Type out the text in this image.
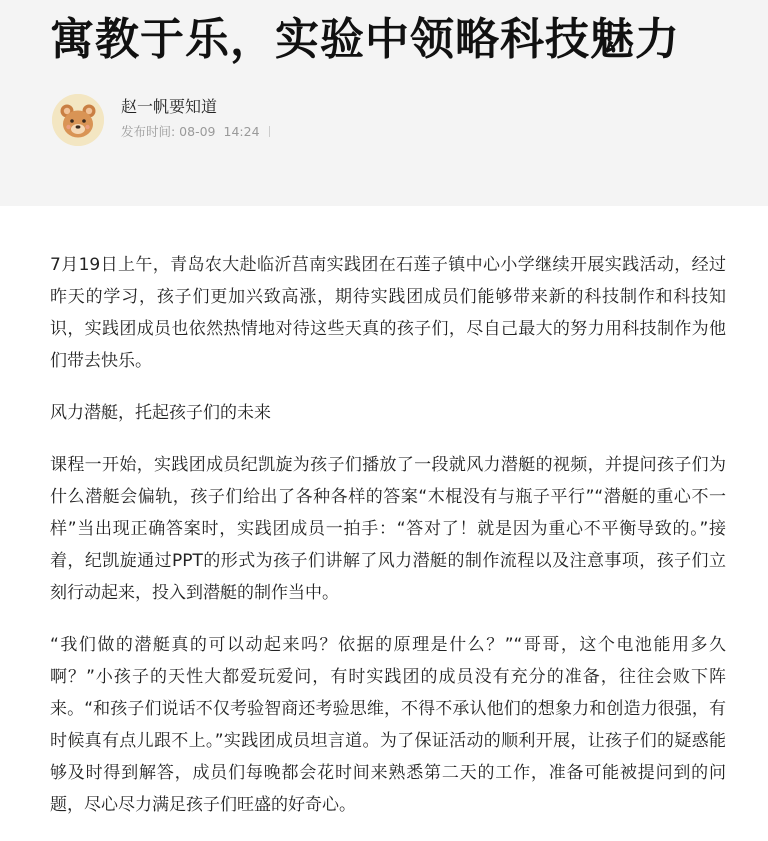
寓教于乐，实验中领略科技魅力
赵一帆要知道
发布时间: 08-09 14:24

7月19日上午，青岛农大赴临沂莒南实践团在石莲子镇中心小学继续开展实践活动，经过昨天的学习，孩子们更加兴致高涨，期待实践团成员们能够带来新的科技制作和科技知识，实践团成员也依然热情地对待这些天真的孩子们，尽自己最大的努力用科技制作为他们带去快乐。

风力潜艇，托起孩子们的未来

课程一开始，实践团成员纪凯旋为孩子们播放了一段就风力潜艇的视频，并提问孩子们为什么潜艇会偏轨，孩子们给出了各种各样的答案“木棍没有与瓶子平行”“潜艇的重心不一样”当出现正确答案时，实践团成员一拍手：“答对了！就是因为重心不平衡导致的。”接着，纪凯旋通过PPT的形式为孩子们讲解了风力潜艇的制作流程以及注意事项，孩子们立刻行动起来，投入到潜艇的制作当中。

“我们做的潜艇真的可以动起来吗？依据的原理是什么？”“哥哥，这个电池能用多久啊？”小孩子的天性大都爱玩爱问，有时实践团的成员没有充分的准备，往往会败下阵来。“和孩子们说话不仅考验智商还考验思维，不得不承认他们的想象力和创造力很强，有时候真有点儿跟不上。”实践团成员坦言道。为了保证活动的顺利开展，让孩子们的疑惑能够及时得到解答，成员们每晚都会花时间来熟悉第二天的工作，准备可能被提问到的问题，尽心尽力满足孩子们旺盛的好奇心。
